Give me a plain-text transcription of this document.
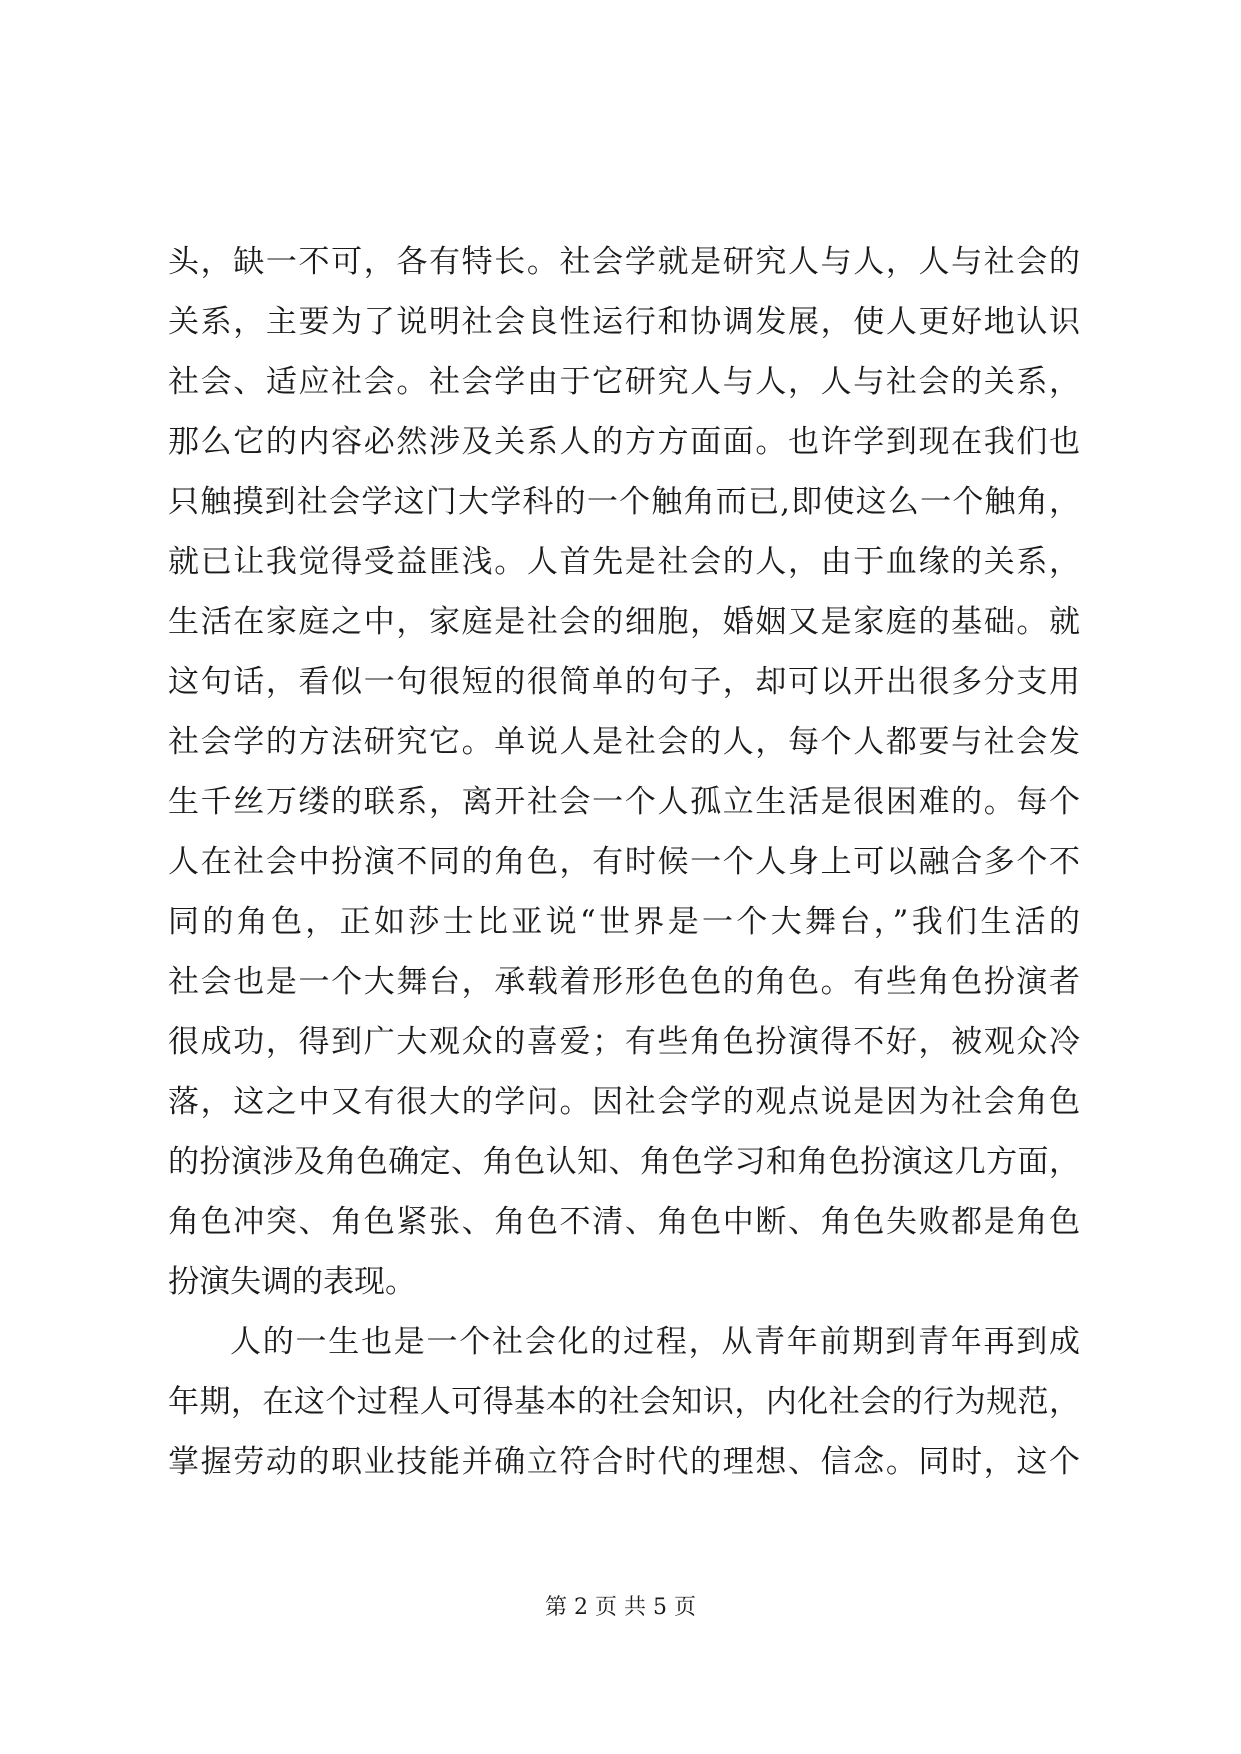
头，缺一不可，各有特长。社会学就是研究人与人，人与社会的
关系，主要为了说明社会良性运行和协调发展，使人更好地认识
社会、适应社会。社会学由于它研究人与人，人与社会的关系，
那么它的内容必然涉及关系人的方方面面。也许学到现在我们也
只触摸到社会学这门大学科的一个触角而已,即使这么一个触角，
就已让我觉得受益匪浅。人首先是社会的人，由于血缘的关系，
生活在家庭之中，家庭是社会的细胞，婚姻又是家庭的基础。就
这句话，看似一句很短的很简单的句子，却可以开出很多分支用
社会学的方法研究它。单说人是社会的人，每个人都要与社会发
生千丝万缕的联系，离开社会一个人孤立生活是很困难的。每个
人在社会中扮演不同的角色，有时候一个人身上可以融合多个不
同的角色，正如莎士比亚说“世界是一个大舞台，”我们生活的
社会也是一个大舞台，承载着形形色色的角色。有些角色扮演者
很成功，得到广大观众的喜爱；有些角色扮演得不好，被观众冷
落，这之中又有很大的学问。因社会学的观点说是因为社会角色
的扮演涉及角色确定、角色认知、角色学习和角色扮演这几方面，
角色冲突、角色紧张、角色不清、角色中断、角色失败都是角色
扮演失调的表现。
人的一生也是一个社会化的过程，从青年前期到青年再到成
年期，在这个过程人可得基本的社会知识，内化社会的行为规范，
掌握劳动的职业技能并确立符合时代的理想、信念。同时，这个
第 2 页 共 5 页
